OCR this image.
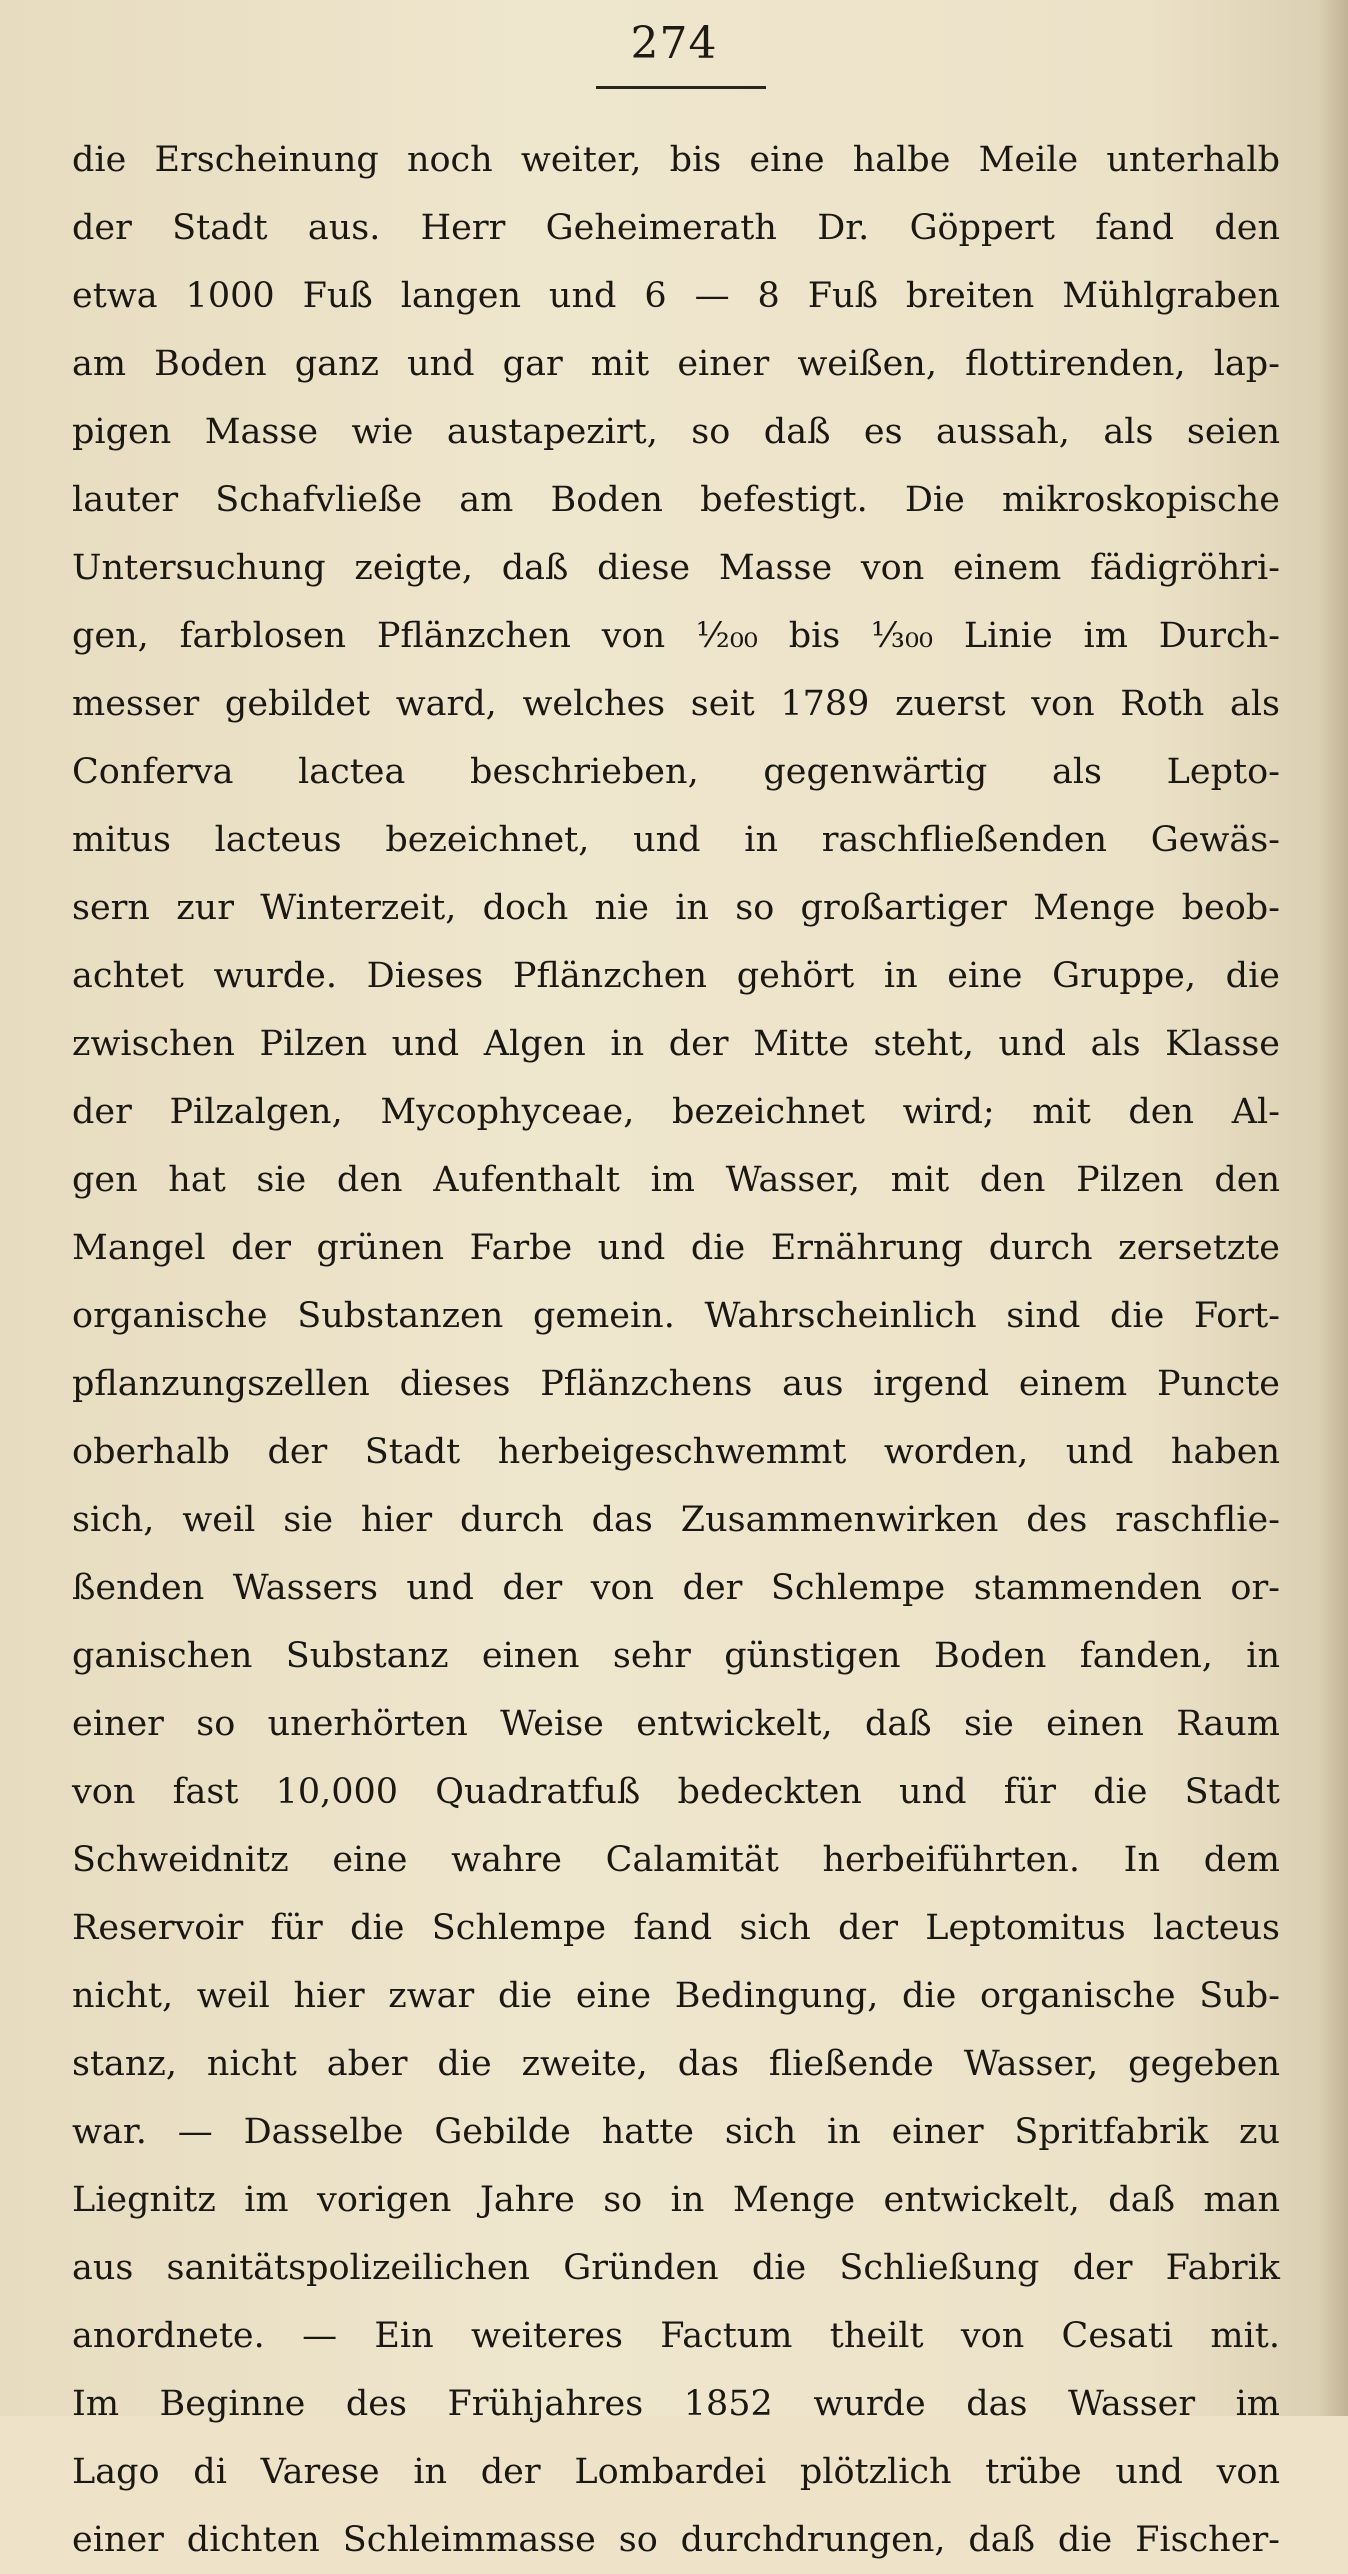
274
die Erscheinung noch weiter, bis eine halbe Meile unterhalb
der Stadt aus. Herr Geheimerath Dr. Göppert fand den
etwa 1000 Fuß langen und 6 — 8 Fuß breiten Mühlgraben
am Boden ganz und gar mit einer weißen, flottirenden, lap-
pigen Masse wie austapezirt, so daß es aussah, als seien
lauter Schafvließe am Boden befestigt. Die mikroskopische
Untersuchung zeigte, daß diese Masse von einem fädigröhri-
gen, farblosen Pflänzchen von ¹⁄₂₀₀ bis ¹⁄₃₀₀ Linie im Durch-
messer gebildet ward, welches seit 1789 zuerst von Roth als
Conferva lactea beschrieben, gegenwärtig als Lepto-
mitus lacteus bezeichnet, und in raschfließenden Gewäs-
sern zur Winterzeit, doch nie in so großartiger Menge beob-
achtet wurde. Dieses Pflänzchen gehört in eine Gruppe, die
zwischen Pilzen und Algen in der Mitte steht, und als Klasse
der Pilzalgen, Mycophyceae, bezeichnet wird; mit den Al-
gen hat sie den Aufenthalt im Wasser, mit den Pilzen den
Mangel der grünen Farbe und die Ernährung durch zersetzte
organische Substanzen gemein. Wahrscheinlich sind die Fort-
pflanzungszellen dieses Pflänzchens aus irgend einem Puncte
oberhalb der Stadt herbeigeschwemmt worden, und haben
sich, weil sie hier durch das Zusammenwirken des raschflie-
ßenden Wassers und der von der Schlempe stammenden or-
ganischen Substanz einen sehr günstigen Boden fanden, in
einer so unerhörten Weise entwickelt, daß sie einen Raum
von fast 10,000 Quadratfuß bedeckten und für die Stadt
Schweidnitz eine wahre Calamität herbeiführten. In dem
Reservoir für die Schlempe fand sich der Leptomitus lacteus
nicht, weil hier zwar die eine Bedingung, die organische Sub-
stanz, nicht aber die zweite, das fließende Wasser, gegeben
war. — Dasselbe Gebilde hatte sich in einer Spritfabrik zu
Liegnitz im vorigen Jahre so in Menge entwickelt, daß man
aus sanitätspolizeilichen Gründen die Schließung der Fabrik
anordnete. — Ein weiteres Factum theilt von Cesati mit.
Im Beginne des Frühjahres 1852 wurde das Wasser im
Lago di Varese in der Lombardei plötzlich trübe und von
einer dichten Schleimmasse so durchdrungen, daß die Fischer-
